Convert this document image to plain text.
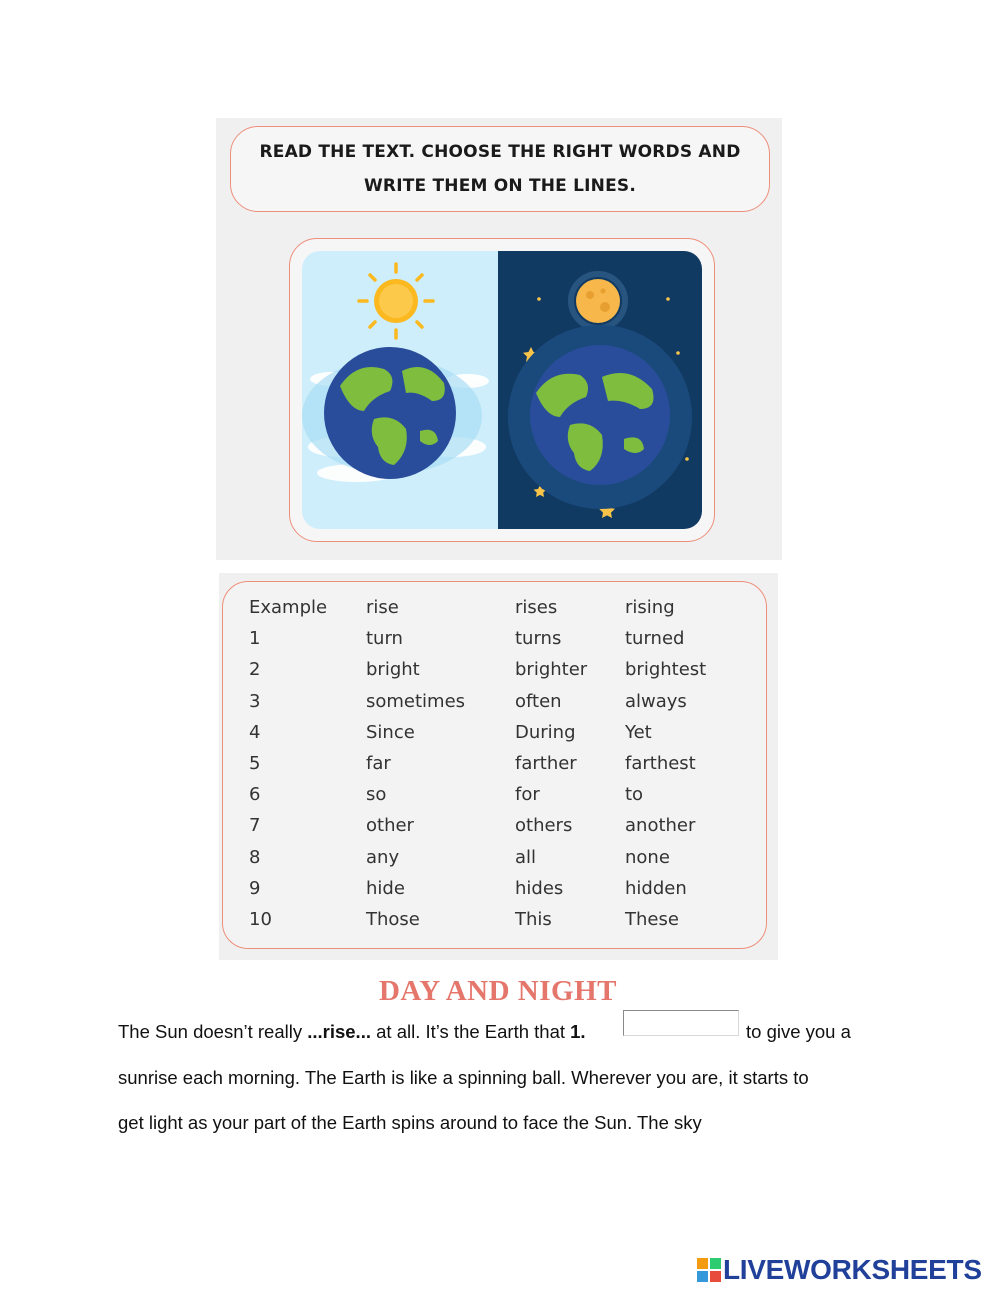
READ THE TEXT. CHOOSE THE RIGHT WORDS AND
WRITE THEM ON THE LINES.
Example	rise	rises	rising
1	turn	turns	turned
2	bright	brighter	brightest
3	sometimes	often	always
4	Since	During	Yet
5	far	farther	farthest
6	so	for	to
7	other	others	another
8	any	all	none
9	hide	hides	hidden
10	Those	This	These
DAY AND NIGHT
The Sun doesn’t really ...rise... at all. It’s the Earth that 1.	to give you a
sunrise each morning. The Earth is like a spinning ball. Wherever you are, it starts to
get light as your part of the Earth spins around to face the Sun. The sky
LIVEWORKSHEETS
